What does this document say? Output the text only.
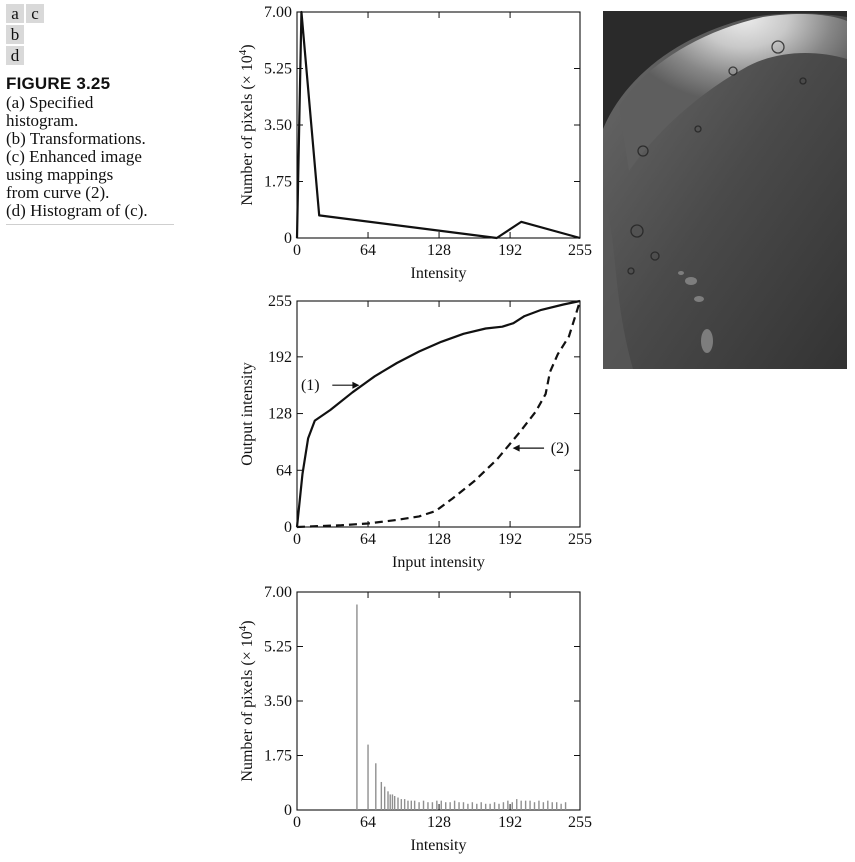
a c
b
d
FIGURE 3.25
(a) Specified
histogram.
(b) Transformations.
(c) Enhanced image
using mappings
from curve (2).
(d) Histogram of (c).
0	64	128	192	255
0
1.75
3.50
5.25
7.00
Intensity
Number of pixels (× $10^4$)
0	64	128	192	255
0
64
128
192
255
Input intensity
Output intensity	(1)
(2)
0	64	128	192	255
0
1.75
3.50
5.25
7.00
Intensity
Number of pixels (× $10^4$)
